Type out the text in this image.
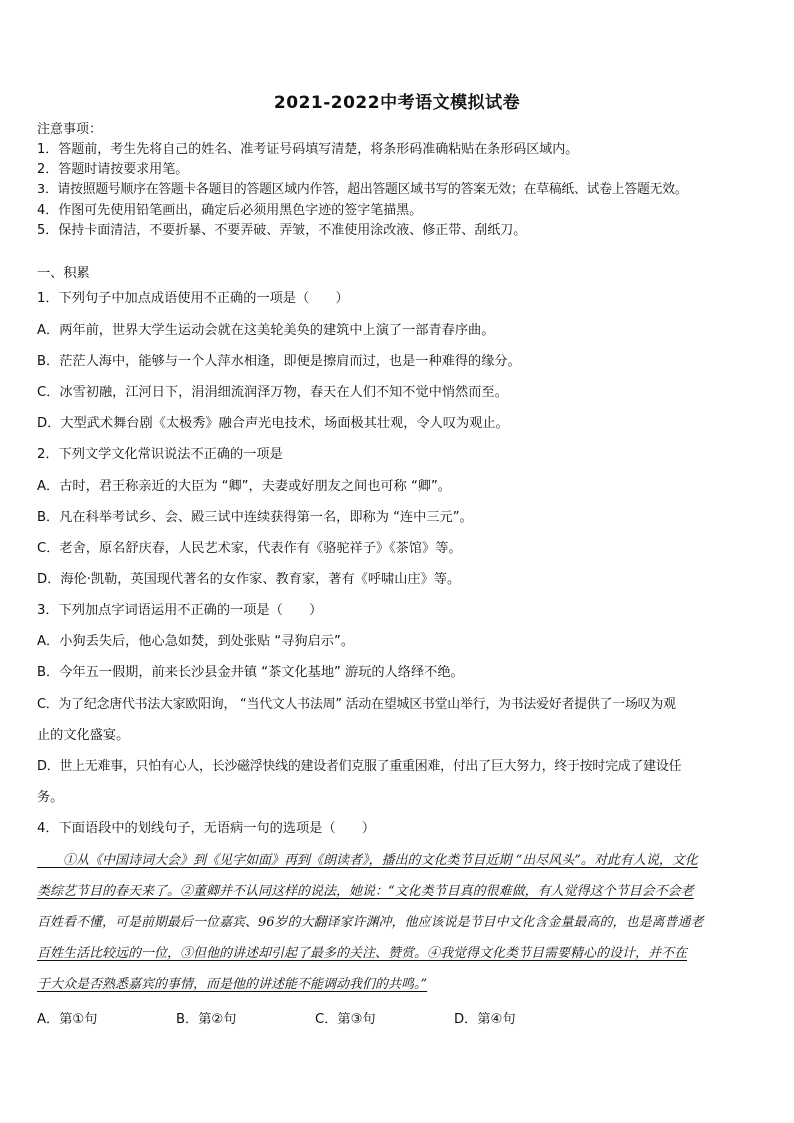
2021-2022中考语文模拟试卷
注意事项：
1．答题前，考生先将自己的姓名、准考证号码填写清楚，将条形码准确粘贴在条形码区域内。
2．答题时请按要求用笔。
3．请按照题号顺序在答题卡各题目的答题区域内作答，超出答题区域书写的答案无效；在草稿纸、试卷上答题无效。
4．作图可先使用铅笔画出，确定后必须用黑色字迹的签字笔描黑。
5．保持卡面清洁，不要折暴、不要弄破、弄皱，不准使用涂改液、修正带、刮纸刀。
一、积累
1．下列句子中加点成语使用不正确的一项是（　　）
A．两年前，世界大学生运动会就在这美轮美奂的建筑中上演了一部青春序曲。
B．茫茫人海中，能够与一个人萍水相逢，即便是擦肩而过，也是一种难得的缘分。
C．冰雪初融，江河日下，涓涓细流润泽万物，春天在人们不知不觉中悄然而至。
D．大型武术舞台剧《太极秀》融合声光电技术，场面极其壮观，令人叹为观止。
2．下列文学文化常识说法不正确的一项是
A．古时，君王称亲近的大臣为 “卿”，夫妻或好朋友之间也可称 “卿”。
B．凡在科举考试乡、会、殿三试中连续获得第一名，即称为 “连中三元”。
C．老舍，原名舒庆春，人民艺术家，代表作有《骆驼祥子》《茶馆》等。
D．海伦·凯勒，英国现代著名的女作家、教育家，著有《呼啸山庄》等。
3．下列加点字词语运用不正确的一项是（　　）
A．小狗丢失后，他心急如焚，到处张贴 “寻狗启示”。
B．今年五一假期，前来长沙县金井镇 “茶文化基地” 游玩的人络绎不绝。
C．为了纪念唐代书法大家欧阳询， “当代文人书法周” 活动在望城区书堂山举行，为书法爱好者提供了一场叹为观
止的文化盛宴。
D．世上无难事，只怕有心人，长沙磁浮快线的建设者们克服了重重困难，付出了巨大努力，终于按时完成了建设任
务。
4．下面语段中的划线句子，无语病一句的选项是（　　）
　　①从《中国诗词大会》到《见字如面》再到《朗读者》，播出的文化类节目近期 “出尽风头”。对此有人说，文化
类综艺节目的春天来了。②董卿并不认同这样的说法，她说：“文化类节目真的很难做，有人觉得这个节目会不会老
百姓看不懂，可是前期最后一位嘉宾、96岁的大翻译家许渊冲，他应该说是节目中文化含金量最高的，也是离普通老
百姓生活比较远的一位，③但他的讲述却引起了最多的关注、赞赏。④我觉得文化类节目需要精心的设计，并不在
于大众是否熟悉嘉宾的事情，而是他的讲述能不能调动我们的共鸣。”
A．第①句	B．第②句	C．第③句	D．第④句
